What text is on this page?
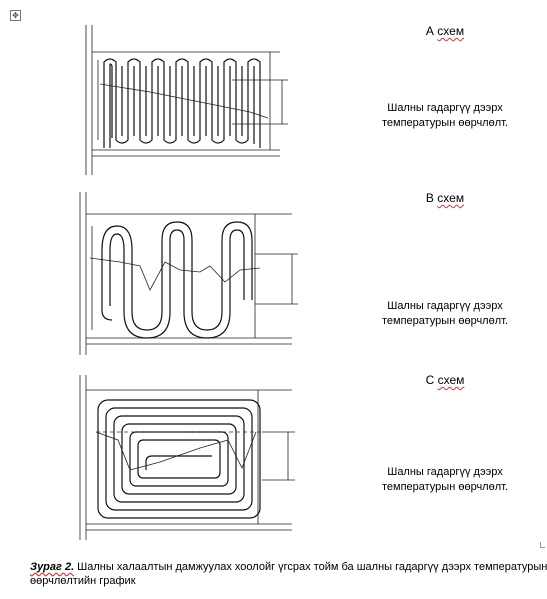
✥
А схем
Шалны гадаргүү дээрх
температурын өөрчлөлт.
В схем
Шалны гадаргүү дээрх
температурын өөрчлөлт.
С схем
Шалны гадаргүү дээрх
температурын өөрчлөлт.
Зураг 2. Шалны халаалтын дамжуулах хоолойг үгсрах тойм ба шалны гадаргүү дээрх температурын өөрчлөлтийн график
